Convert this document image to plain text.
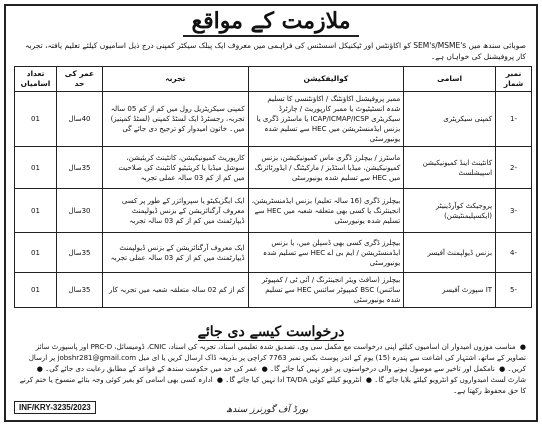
ملازمت کے مواقع

صوبائی سندھ میں SEM's/MSME's کو اکاؤنٹس اور ٹیکنیکل اسسٹنس کی فراہمی میں معروف ایک پبلک سیکٹر کمپنی درج ذیل اسامیوں کیلئے تعلیم یافتہ، تجربہ کار پروفیشنل کی خواہاں ہے۔

نمبر شمار	اسامی	کوالیفکیشن	تجربہ	عمر کی حد	تعداد اسامیاں
-1	کمپنی سیکریٹری	ممبر پروفیشنل اکاؤنٹنگ / اکاؤنٹنسی کا تسلیم شدہ انسٹیٹیوٹ یا ممبر کارپوریٹ / چارٹرڈ سیکریٹری ICAP/ICMAP/ICSP یا ماسٹرز ڈگری یا بزنس ایڈمنسٹریشن میں HEC سے تسلیم شدہ یونیورسٹی	کمپنی سیکریٹریل رول میں کم از کم 05 سالہ تجربہ، رجسٹرڈ ایک لسٹڈ کمپنی (لسٹڈ کمپنیز) میں۔ خاتون امیدوار کو ترجیح دی جائے گی	40سال	01
-2	کانٹینٹ اینڈ کمیونیکیشن اسپیشلسٹ	ماسٹرز / بیچلرز ڈگری ماس کمیونیکیشن، بزنس کمیونیکیشن، میڈیا اسٹڈیز / مارکیٹنگ / ایڈورٹائزنگ میں HEC سے تسلیم شدہ یونیورسٹی	کارپوریٹ کمیونیکیشن، کانٹینٹ کریئیشن، سوشل میڈیا یا کریئیٹیو کانٹینٹ کی صلاحیت میں کم از کم 03 سالہ عملی تجربہ	35سال	01
-3	پروجیکٹ کوآرڈینیٹر (ایکسپلیمنٹیشن)	بیچلرز ڈگری (16 سالہ تعلیم) بزنس ایڈمنسٹریشن، انجینئرنگ یا کسی بھی متعلقہ شعبہ میں HEC سے تسلیم شدہ یونیورسٹی	ایک ایگزیکیٹو یا سپروائزر کے طور پر کسی معروف آرگنائزیشن کے بزنس ڈیولپمنٹ ڈیپارٹمنٹ میں کم از کم 03 سالہ تجربہ	30سال	01
-4	بزنس ڈیولپمنٹ آفیسر	بیچلرز ڈگری کسی بھی ڈسپلن میں، یا بزنس ایڈمنسٹریشن / ایم بی اے HEC سے تسلیم شدہ یونیورسٹی	ایک معروف آرگنائزیشن کے بزنس ڈیولپمنٹ ڈیپارٹمنٹ میں کم از کم 03 سالہ عملی تجربہ	35سال	01
-5	IT سپورٹ آفیسر	بیچلرز (سافٹ ویئر انجینئرنگ / آئی ٹی / کمپیوٹر سائنس) BSC کمپیوٹر سائنس HEC سے تسلیم شدہ یونیورسٹی	کم از کم 02 سالہ متعلقہ شعبہ میں تجربہ کار	35سال	01
درخواست کیسے دی جائے
● مناسب موزوں امیدوار ان اسامیوں کیلئے اپنی درخواست مع مکمل سی وی، تصدیق شدہ تعلیمی اسناد، تجربہ کی اسناد، CNIC، ڈومیسائل، PRC-D اور پاسپورٹ سائز تصاویر کے ساتھ، اشتہار کی اشاعت سے پندرہ (15) یوم کے اندر پوسٹ بکس نمبر 7763 کراچی پر بذریعہ ڈاک ارسال کریں یا ای میل jobshr281@gmail.com پر ارسال کریں۔ ● نامکمل اور تاخیر سے موصول ہونے والی درخواستوں پر غور نہیں کیا جائے گا۔ ● عمر کی حد میں حکومت سندھ کے قواعد کے مطابق رعایت دی جائے گی۔ ● شارٹ لسٹ امیدواروں کو انٹرویو کیلئے بلایا جائے گا۔ ● انٹرویو کیلئے کوئی TA/DA ادا نہیں کیا جائے گا۔ ● ادارہ کسی بھی اسامی کو بغیر کوئی وجہ بتائے منسوخ یا ختم کرنے کا حق محفوظ رکھتا ہے۔
INF/KRY-3235/2023	بورڈ آف گورنرز سندھ
